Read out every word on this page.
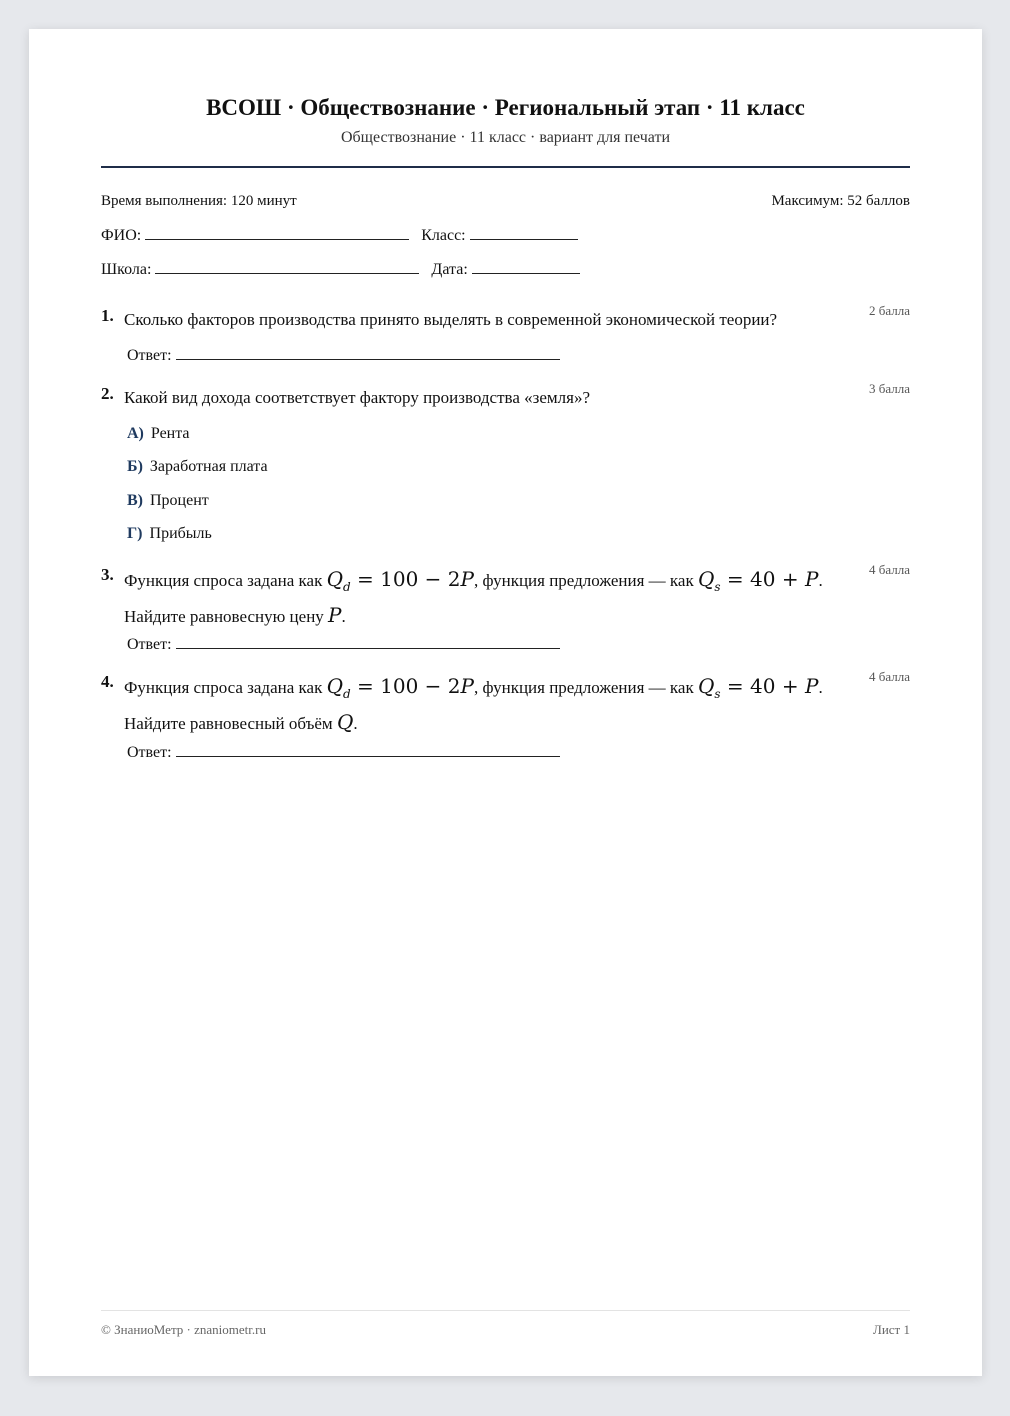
ВСОШ · Обществознание · Региональный этап · 11 класс
Обществознание · 11 класс · вариант для печати
Время выполнения: 120 минут	Максимум: 52 баллов
ФИО:	Класс:
Школа:	Дата:
1. Сколько факторов производства принято выделять в современной экономической теории?	2 балла
Ответ:
2. Какой вид дохода соответствует фактору производства «земля»?	3 балла
А) Рента
Б) Заработная плата
В) Процент
Г) Прибыль
3. Функция спроса задана как $Q_d = 100 - 2P$, функция предложения — как $Q_s = 40 + P$.
Найдите равновесную цену P.
4 балла
Ответ:
4. Функция спроса задана как $Q_d = 100 - 2P$, функция предложения — как $Q_s = 40 + P$.
Найдите равновесный объём Q.
4 балла
Ответ:
© ЗнаниоМетр · znaniometr.ru	Лист 1
